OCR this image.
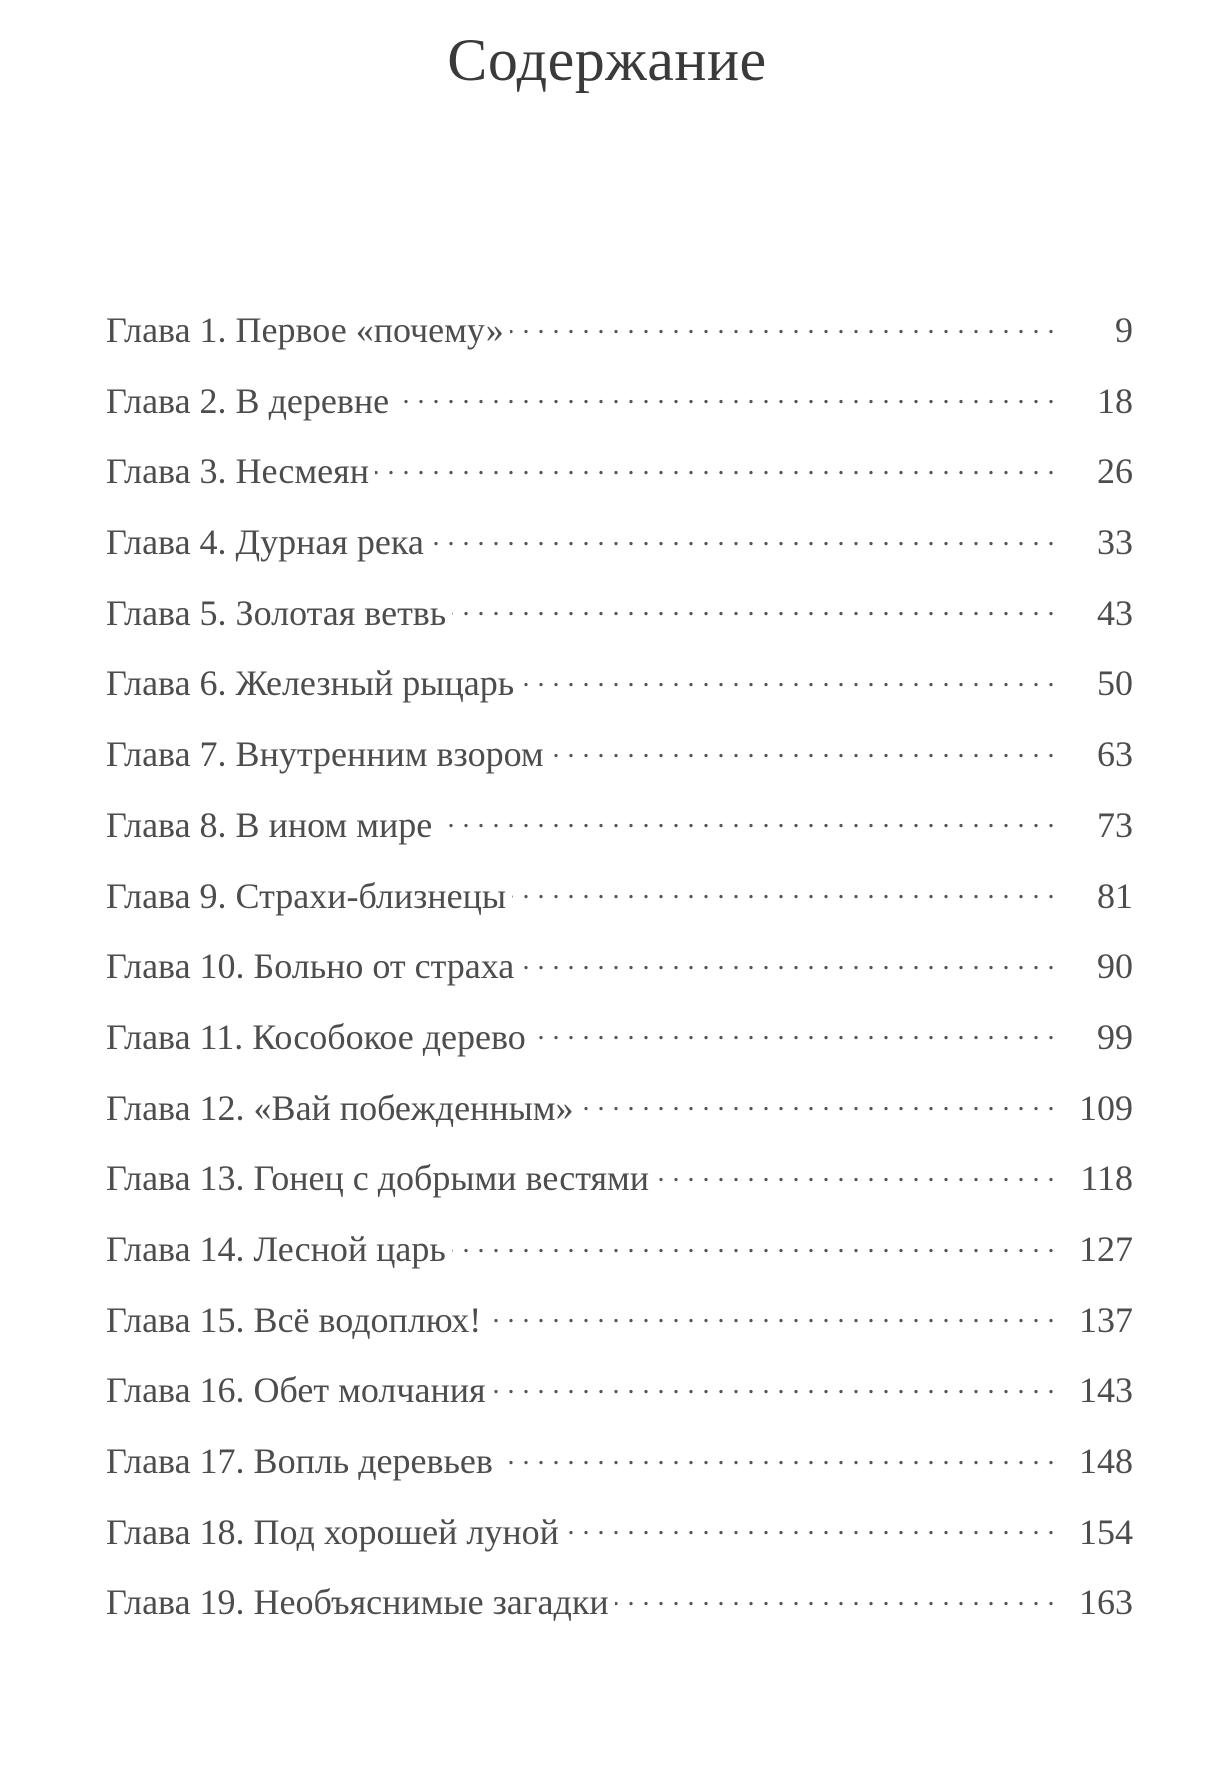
Содержание
Глава 1. Первое «почему» . . .	9
Глава 2. В деревне . . .	18
Глава 3. Несмеян . . .	26
Глава 4. Дурная река . . .	33
Глава 5. Золотая ветвь . . .	43
Глава 6. Железный рыцарь . . .	50
Глава 7. Внутренним взором . . .	63
Глава 8. В ином мире . . .	73
Глава 9. Страхи-близнецы . . .	81
Глава 10. Больно от страха . . .	90
Глава 11. Кособокое дерево . . .	99
Глава 12. «Вай побежденным» . . .	109
Глава 13. Гонец с добрыми вестями . . .	118
Глава 14. Лесной царь . . .	127
Глава 15. Всё водоплюх! . . .	137
Глава 16. Обет молчания . . .	143
Глава 17. Вопль деревьев . . .	148
Глава 18. Под хорошей луной . . .	154
Глава 19. Необъяснимые загадки . . .	163
